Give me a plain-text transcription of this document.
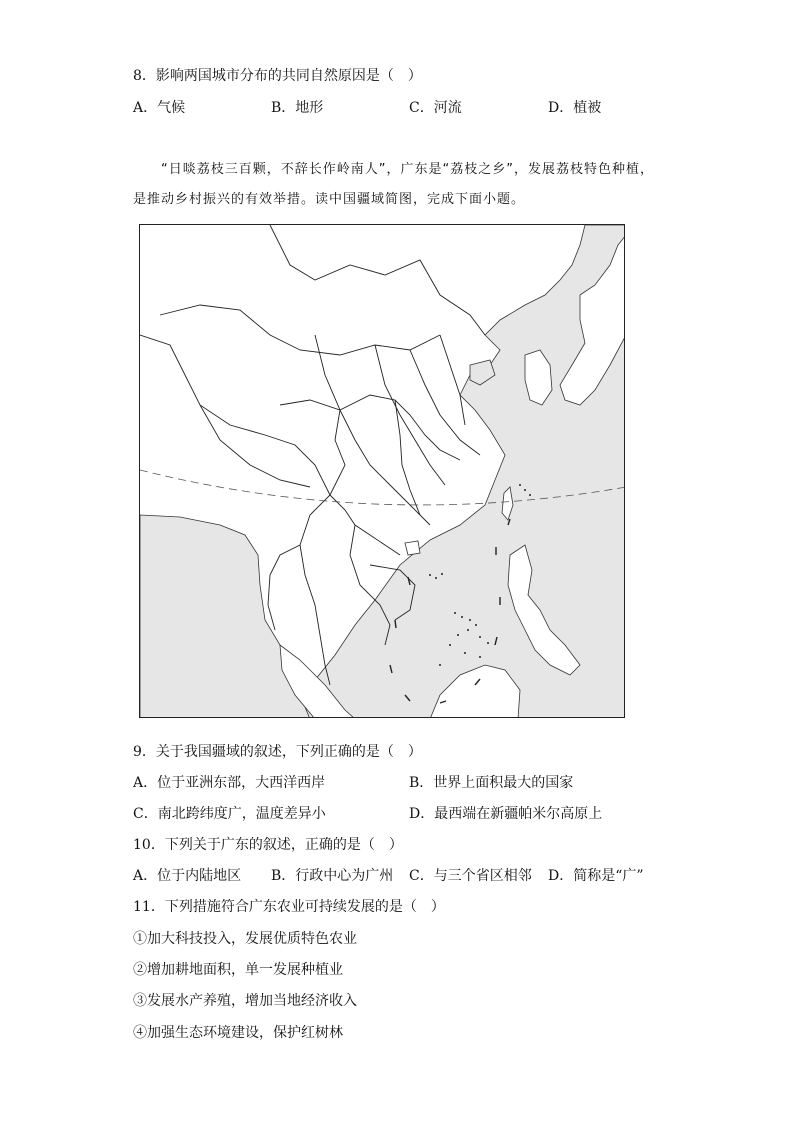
8．影响两国城市分布的共同自然原因是（　）
A．气候	B．地形	C．河流	D．植被
“日啖荔枝三百颗，不辞长作岭南人”，广东是“荔枝之乡”，发展荔枝特色种植，
是推动乡村振兴的有效举措。读中国疆域简图，完成下面小题。
9．关于我国疆域的叙述，下列正确的是（　）
A．位于亚洲东部，大西洋西岸	B．世界上面积最大的国家
C．南北跨纬度广，温度差异小	D．最西端在新疆帕米尔高原上
10．下列关于广东的叙述，正确的是（　）
A．位于内陆地区 B．行政中心为广州 C．与三个省区相邻 D．简称是“广”
11．下列措施符合广东农业可持续发展的是（　）
①加大科技投入，发展优质特色农业
②增加耕地面积，单一发展种植业
③发展水产养殖，增加当地经济收入
④加强生态环境建设，保护红树林
